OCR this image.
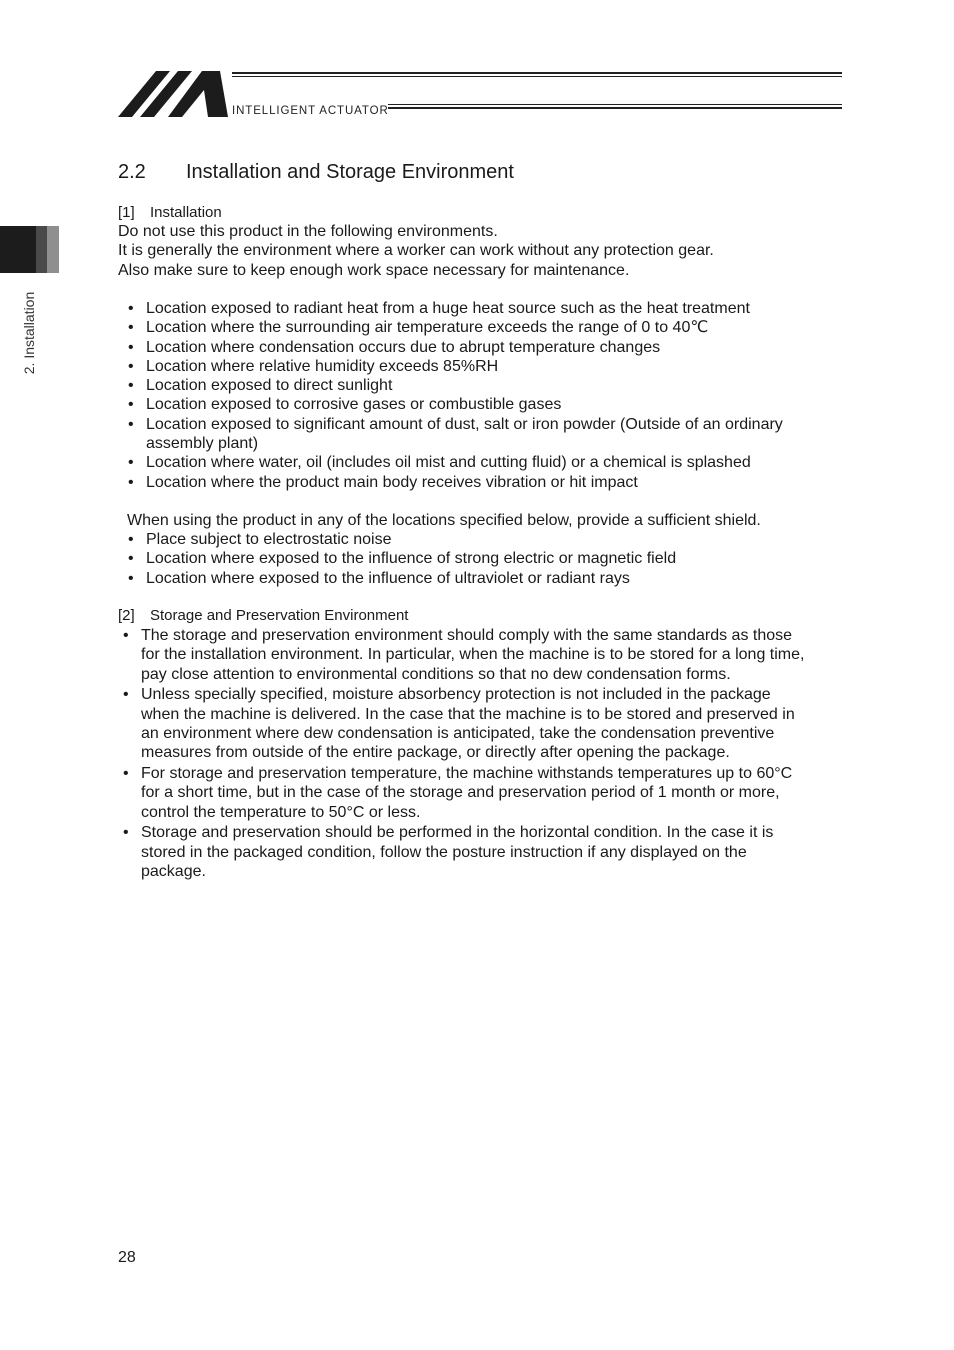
INTELLIGENT ACTUATOR
2. Installation
2.2 Installation and Storage Environment
[1] Installation
Do not use this product in the following environments.
It is generally the environment where a worker can work without any protection gear.
Also make sure to keep enough work space necessary for maintenance.
• Location exposed to radiant heat from a huge heat source such as the heat treatment
• Location where the surrounding air temperature exceeds the range of 0 to 40℃
• Location where condensation occurs due to abrupt temperature changes
• Location where relative humidity exceeds 85%RH
• Location exposed to direct sunlight
• Location exposed to corrosive gases or combustible gases
• Location exposed to significant amount of dust, salt or iron powder (Outside of an ordinary assembly plant)
• Location where water, oil (includes oil mist and cutting fluid) or a chemical is splashed
• Location where the product main body receives vibration or hit impact
When using the product in any of the locations specified below, provide a sufficient shield.
• Place subject to electrostatic noise
• Location where exposed to the influence of strong electric or magnetic field
• Location where exposed to the influence of ultraviolet or radiant rays
[2] Storage and Preservation Environment
• The storage and preservation environment should comply with the same standards as those for the installation environment. In particular, when the machine is to be stored for a long time, pay close attention to environmental conditions so that no dew condensation forms.
• Unless specially specified, moisture absorbency protection is not included in the package when the machine is delivered. In the case that the machine is to be stored and preserved in an environment where dew condensation is anticipated, take the condensation preventive measures from outside of the entire package, or directly after opening the package.
• For storage and preservation temperature, the machine withstands temperatures up to 60°C for a short time, but in the case of the storage and preservation period of 1 month or more, control the temperature to 50°C or less.
• Storage and preservation should be performed in the horizontal condition. In the case it is stored in the packaged condition, follow the posture instruction if any displayed on the package.
28
